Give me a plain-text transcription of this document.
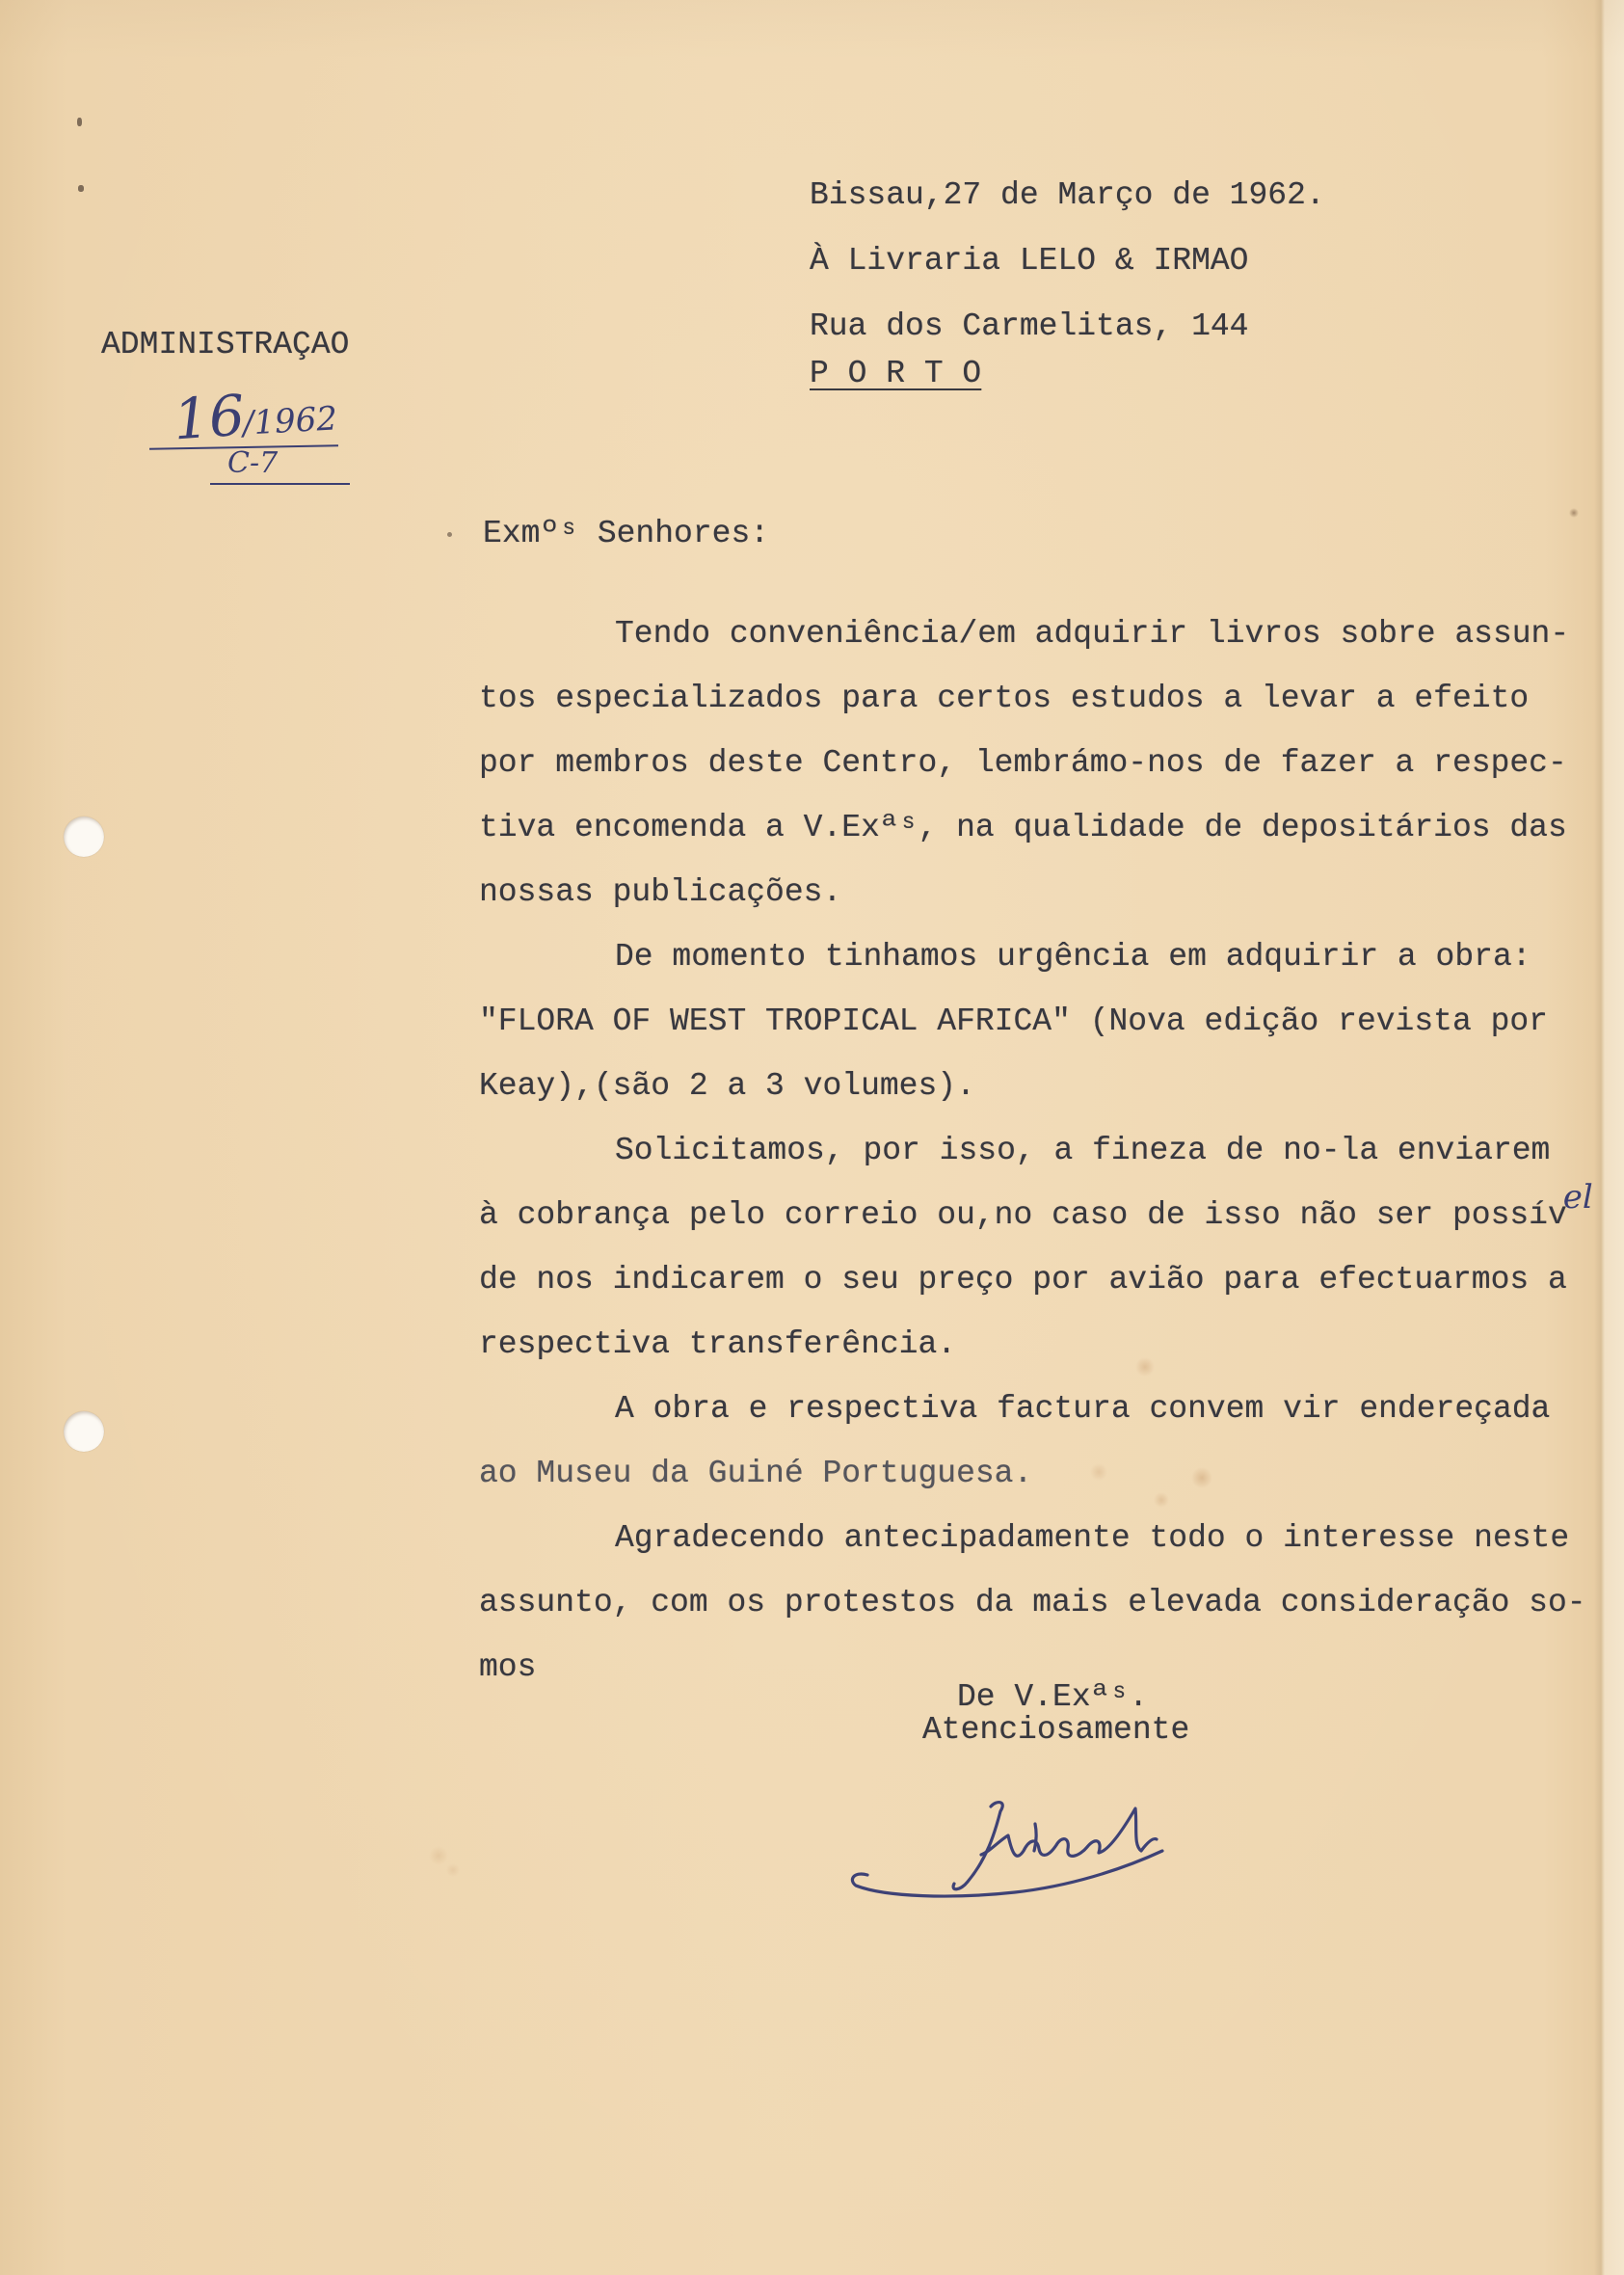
Bissau,27 de Março de 1962.
À Livraria LELO & IRMAO
Rua dos Carmelitas, 144
P O R T O
ADMINISTRAÇAO
16
/1962
C-7
Exmºˢ Senhores:
Tendo conveniência/em adquirir livros sobre assun-
tos especializados para certos estudos a levar a efeito
por membros deste Centro, lembrámo-nos de fazer a respec-
tiva encomenda a V.Exªˢ, na qualidade de depositários das
nossas publicações.
De momento tinhamos urgência em adquirir a obra:
"FLORA OF WEST TROPICAL AFRICA" (Nova edição revista por
Keay),(são 2 a 3 volumes).
Solicitamos, por isso, a fineza de no-la enviarem
à cobrança pelo correio ou,no caso de isso não ser possível
de nos indicarem o seu preço por avião para efectuarmos a
respectiva transferência.
A obra e respectiva factura convem vir endereçada
ao Museu da Guiné Portuguesa.
Agradecendo antecipadamente todo o interesse neste
assunto, com os protestos da mais elevada consideração so-
mos
De V.Exªˢ.
Atenciosamente
